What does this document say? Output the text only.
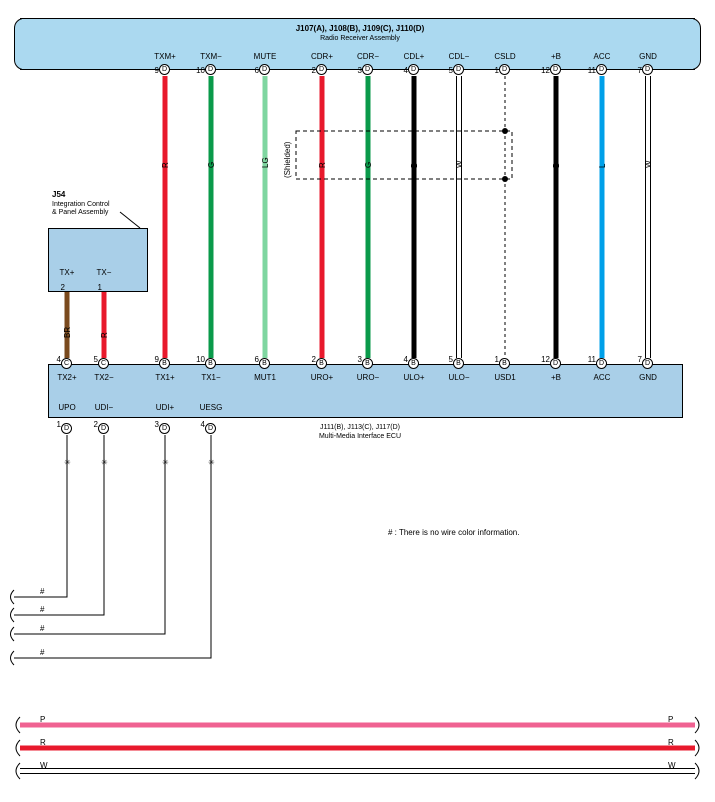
J107(A), J108(B), J109(C), J110(D)
Radio Receiver Assembly
J54
Integration Control
& Panel Assembly
J111(B), J113(C), J117(D)
Multi-Media Interface ECU
# : There is no wire color information.
TXM+
9 D
TXM−
10 D
MUTE
6 D
CDR+
2 D
CDR−
3 D
CDL+
4 D
CDL−
5 D
CSLD
1 D
+B
12 D
ACC
11 D
GND
7 D
R	G	LG	R	G	B	W	B	L	W
(Shielded)
TX+
2
BR
TX−
1
R
4 C
TX2+
5 C
TX2−
9 B
TX1+
10 B
TX1−
6 B
MUT1
2 B
URO+
3 B
URO−
4 B
ULO+
5 B
ULO−
1 B
USD1
12 D
+B
11 D
ACC
7 D
GND
UPO
1 D
UDI−
2 D
UDI+
3 D
UESG
4 D
✳
#
✳
#
✳
#
✳
#
P	P
R	R
W	W
